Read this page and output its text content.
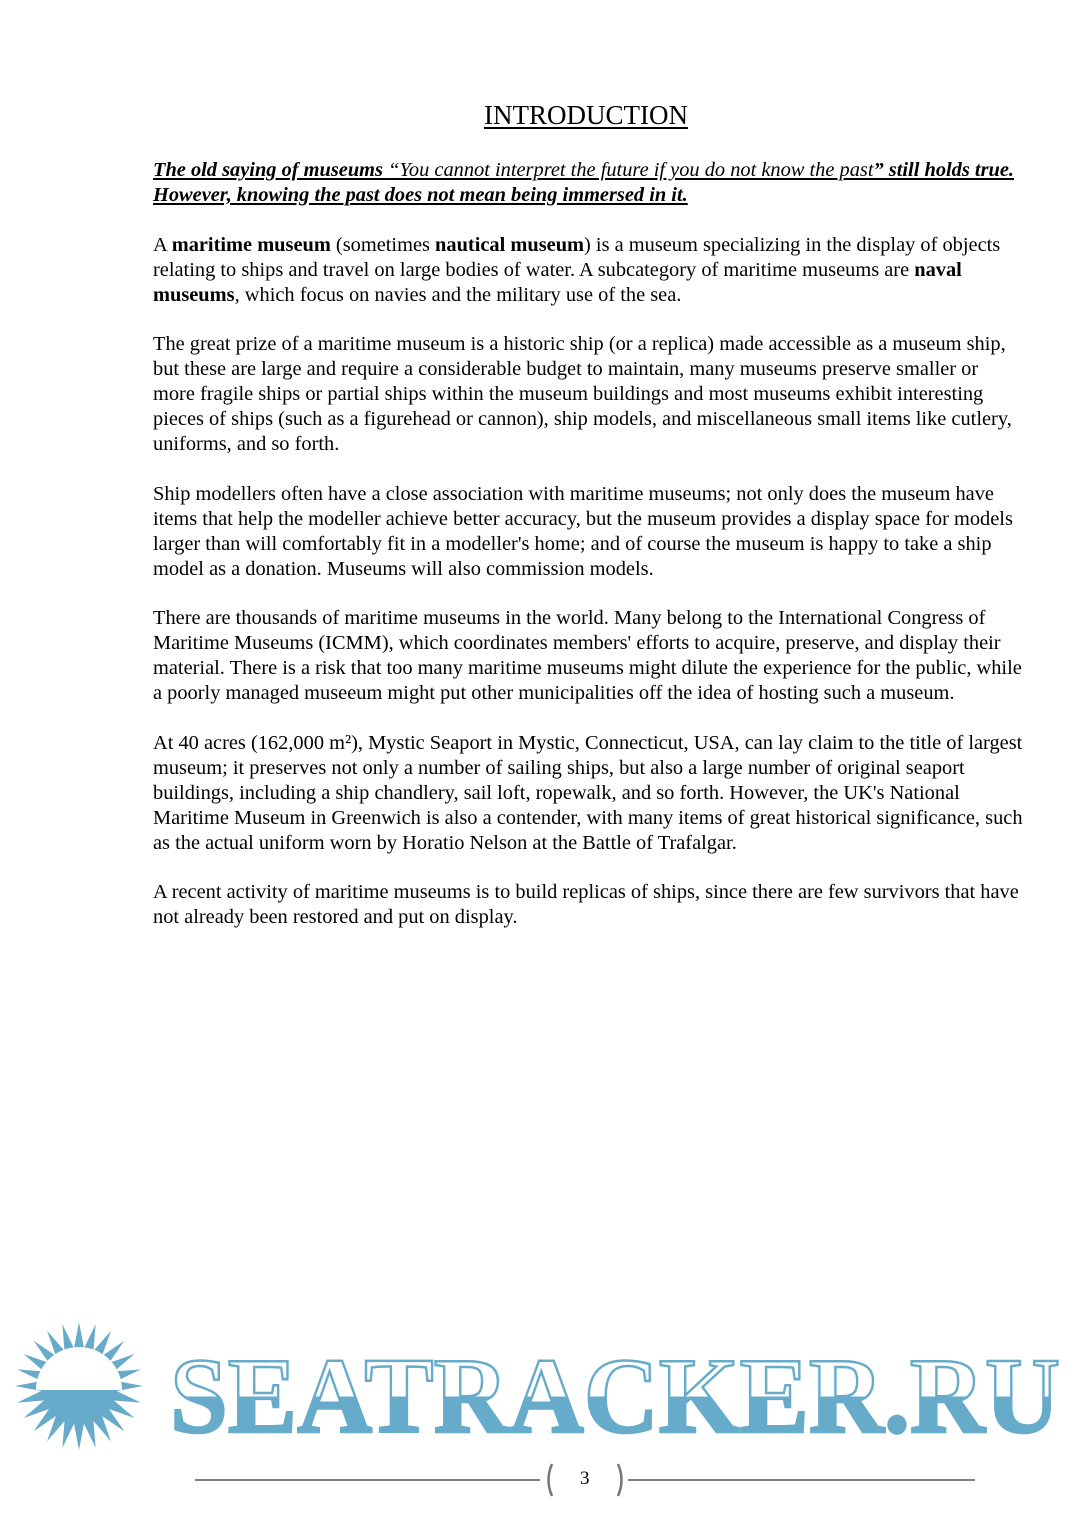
INTRODUCTION
The old saying of museums “You cannot interpret the future if you do not know the past” still holds true. However, knowing the past does not mean being immersed in it.

A maritime museum (sometimes nautical museum) is a museum specializing in the display of objects relating to ships and travel on large bodies of water. A subcategory of maritime museums are naval museums, which focus on navies and the military use of the sea.

The great prize of a maritime museum is a historic ship (or a replica) made accessible as a museum ship, but these are large and require a considerable budget to maintain, many museums preserve smaller or more fragile ships or partial ships within the museum buildings and most museums exhibit interesting pieces of ships (such as a figurehead or cannon), ship models, and miscellaneous small items like cutlery, uniforms, and so forth.

Ship modellers often have a close association with maritime museums; not only does the museum have items that help the modeller achieve better accuracy, but the museum provides a display space for models larger than will comfortably fit in a modeller's home; and of course the museum is happy to take a ship model as a donation. Museums will also commission models.

There are thousands of maritime museums in the world. Many belong to the International Congress of Maritime Museums (ICMM), which coordinates members' efforts to acquire, preserve, and display their material. There is a risk that too many maritime museums might dilute the experience for the public, while a poorly managed museeum might put other municipalities off the idea of hosting such a museum.

At 40 acres (162,000 m²), Mystic Seaport in Mystic, Connecticut, USA, can lay claim to the title of largest museum; it preserves not only a number of sailing ships, but also a large number of original seaport buildings, including a ship chandlery, sail loft, ropewalk, and so forth. However, the UK's National Maritime Museum in Greenwich is also a contender, with many items of great historical significance, such as the actual uniform worn by Horatio Nelson at the Battle of Trafalgar.

A recent activity of maritime museums is to build replicas of ships, since there are few survivors that have not already been restored and put on display.

SEATRACKER.RU
3
